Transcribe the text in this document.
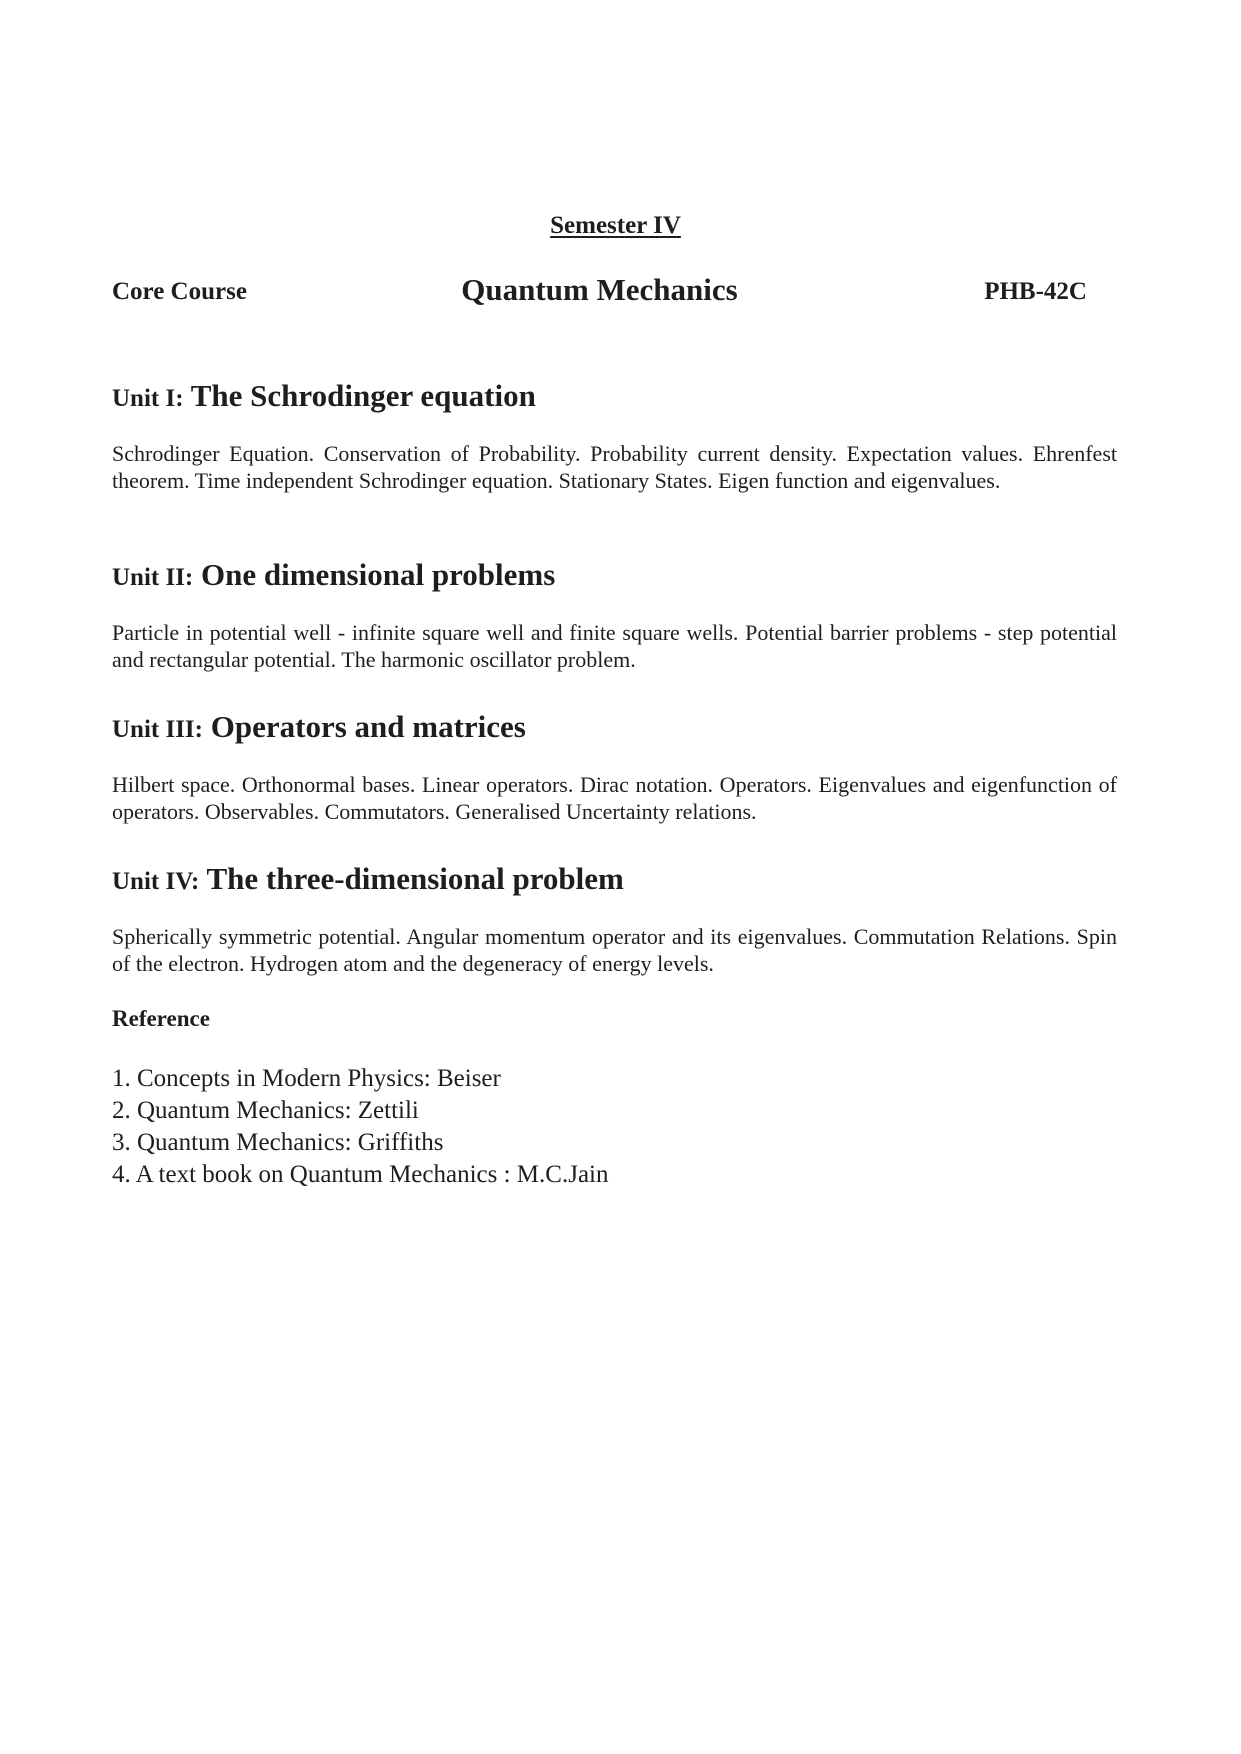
Semester IV
Core Course	Quantum Mechanics	PHB-42C
Unit I: The Schrodinger equation

Schrodinger Equation. Conservation of Probability. Probability current density. Expectation values. Ehrenfest theorem. Time independent Schrodinger equation. Stationary States. Eigen function and eigenvalues.

Unit II: One dimensional problems

Particle in potential well - infinite square well and finite square wells. Potential barrier problems - step potential and rectangular potential. The harmonic oscillator problem.

Unit III: Operators and matrices

Hilbert space. Orthonormal bases. Linear operators. Dirac notation. Operators. Eigenvalues and eigenfunction of operators. Observables. Commutators. Generalised Uncertainty relations.

Unit IV: The three-dimensional problem

Spherically symmetric potential. Angular momentum operator and its eigenvalues. Commutation Relations. Spin of the electron. Hydrogen atom and the degeneracy of energy levels.

Reference
1. Concepts in Modern Physics: Beiser
2. Quantum Mechanics: Zettili
3. Quantum Mechanics: Griffiths
4. A text book on Quantum Mechanics : M.C.Jain
